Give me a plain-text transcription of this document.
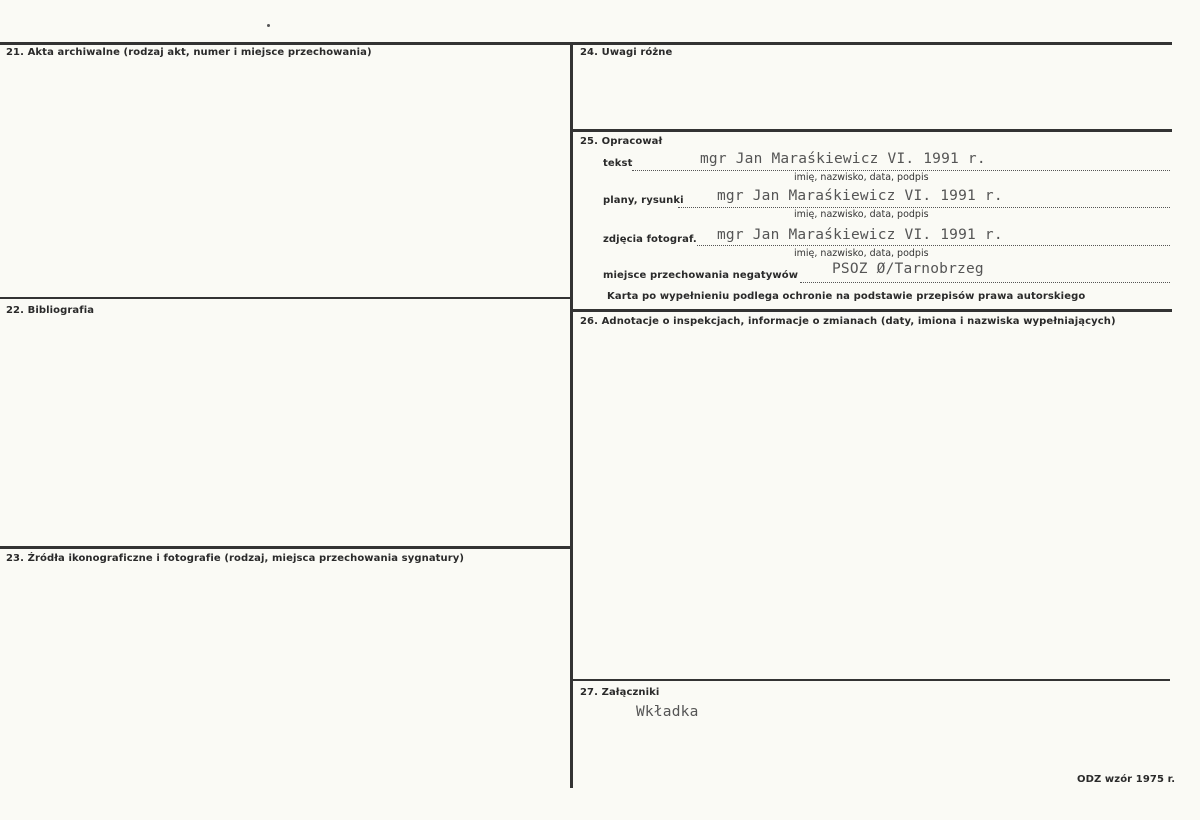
21. Akta archiwalne (rodzaj akt, numer i miejsce przechowania)
22. Bibliografia
23. Źródła ikonograficzne i fotografie (rodzaj, miejsca przechowania sygnatury)
24. Uwagi różne
25. Opracował
tekst	mgr Jan Maraśkiewicz VI. 1991 r.
imię, nazwisko, data, podpis
plany, rysunki mgr Jan Maraśkiewicz VI. 1991 r.
imię, nazwisko, data, podpis
zdjęcia fotograf. mgr Jan Maraśkiewicz VI. 1991 r.
imię, nazwisko, data, podpis
miejsce przechowania negatywów PSOZ Ø/Tarnobrzeg
Karta po wypełnieniu podlega ochronie na podstawie przepisów prawa autorskiego
26. Adnotacje o inspekcjach, informacje o zmianach (daty, imiona i nazwiska wypełniających)
27. Załączniki
Wkładka
ODZ wzór 1975 r.
